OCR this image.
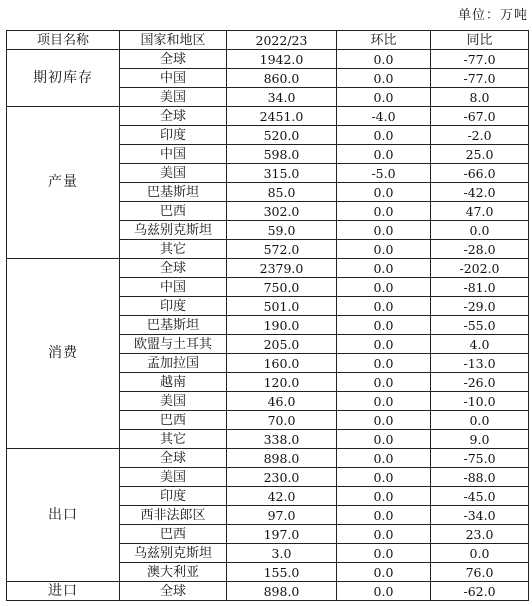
单位：万吨
项目名称	国家和地区	2022/23	环比	同比
期初库存	全球	1942.0	0.0	-77.0
	中国	860.0	0.0	-77.0
	美国	34.0	0.0	8.0
产量	全球	2451.0	-4.0	-67.0
	印度	520.0	0.0	-2.0
	中国	598.0	0.0	25.0
	美国	315.0	-5.0	-66.0
	巴基斯坦	85.0	0.0	-42.0
	巴西	302.0	0.0	47.0
	乌兹别克斯坦	59.0	0.0	0.0
	其它	572.0	0.0	-28.0
消费	全球	2379.0	0.0	-202.0
	中国	750.0	0.0	-81.0
	印度	501.0	0.0	-29.0
	巴基斯坦	190.0	0.0	-55.0
	欧盟与土耳其	205.0	0.0	4.0
	孟加拉国	160.0	0.0	-13.0
	越南	120.0	0.0	-26.0
	美国	46.0	0.0	-10.0
	巴西	70.0	0.0	0.0
	其它	338.0	0.0	9.0
出口	全球	898.0	0.0	-75.0
	美国	230.0	0.0	-88.0
	印度	42.0	0.0	-45.0
	西非法郎区	97.0	0.0	-34.0
	巴西	197.0	0.0	23.0
	乌兹别克斯坦	3.0	0.0	0.0
	澳大利亚	155.0	0.0	76.0
进口	全球	898.0	0.0	-62.0
